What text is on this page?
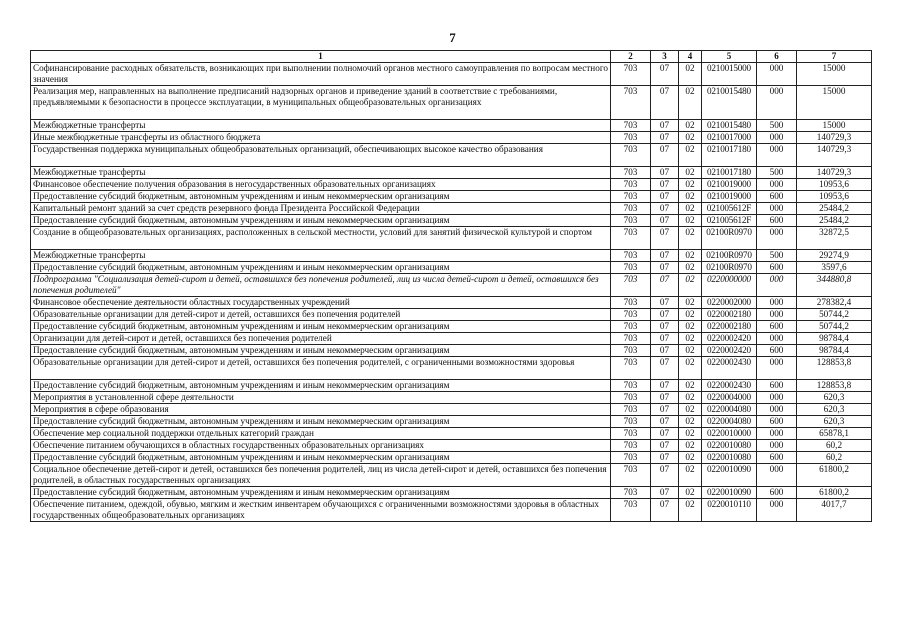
7
1	2	3	4	5	6	7
Софинансирование расходных обязательств, возникающих при выполнении полномочий органов местного самоуправления по вопросам местного значения	703	07	02	0210015000	000	15000
Реализация мер, направленных на выполнение предписаний надзорных органов и приведение зданий в соответствие с требованиями, предъявляемыми к безопасности в процессе эксплуатации, в муниципальных общеобразовательных организациях	703	07	02	0210015480	000	15000
Межбюджетные трансферты	703	07	02	0210015480	500	15000
Иные межбюджетные трансферты из областного бюджета	703	07	02	0210017000	000	140729,3
Государственная поддержка муниципальных общеобразовательных организаций, обеспечивающих высокое качество образования	703	07	02	0210017180	000	140729,3
Межбюджетные трансферты	703	07	02	0210017180	500	140729,3
Финансовое обеспечение получения образования в негосударственных образовательных организациях	703	07	02	0210019000	000	10953,6
Предоставление субсидий бюджетным, автономным учреждениям и иным некоммерческим организациям	703	07	02	0210019000	600	10953,6
Капитальный ремонт зданий за счет средств резервного фонда Президента Российской Федерации	703	07	02	021005612F	000	25484,2
Предоставление субсидий бюджетным, автономным учреждениям и иным некоммерческим организациям	703	07	02	021005612F	600	25484,2
Создание в общеобразовательных организациях, расположенных в сельской местности, условий для занятий физической культурой и спортом	703	07	02	02100R0970	000	32872,5
Межбюджетные трансферты	703	07	02	02100R0970	500	29274,9
Предоставление субсидий бюджетным, автономным учреждениям и иным некоммерческим организациям	703	07	02	02100R0970	600	3597,6
Подпрограмма "Социализация детей-сирот и детей, оставшихся без попечения родителей, лиц из числа детей-сирот и детей, оставшихся без попечения родителей"	703	07	02	0220000000	000	344880,8
Финансовое обеспечение деятельности областных государственных учреждений	703	07	02	0220002000	000	278382,4
Образовательные организации для детей-сирот и детей, оставшихся без попечения родителей	703	07	02	0220002180	000	50744,2
Предоставление субсидий бюджетным, автономным учреждениям и иным некоммерческим организациям	703	07	02	0220002180	600	50744,2
Организации для детей-сирот и детей, оставшихся без попечения родителей	703	07	02	0220002420	000	98784,4
Предоставление субсидий бюджетным, автономным учреждениям и иным некоммерческим организациям	703	07	02	0220002420	600	98784,4
Образовательные организации для детей-сирот и детей, оставшихся без попечения родителей, с ограниченными возможностями здоровья	703	07	02	0220002430	000	128853,8
Предоставление субсидий бюджетным, автономным учреждениям и иным некоммерческим организациям	703	07	02	0220002430	600	128853,8
Мероприятия в установленной сфере деятельности	703	07	02	0220004000	000	620,3
Мероприятия в сфере образования	703	07	02	0220004080	000	620,3
Предоставление субсидий бюджетным, автономным учреждениям и иным некоммерческим организациям	703	07	02	0220004080	600	620,3
Обеспечение мер социальной поддержки отдельных категорий граждан	703	07	02	0220010000	000	65878,1
Обеспечение питанием обучающихся в областных государственных образовательных организациях	703	07	02	0220010080	000	60,2
Предоставление субсидий бюджетным, автономным учреждениям и иным некоммерческим организациям	703	07	02	0220010080	600	60,2
Социальное обеспечение детей-сирот и детей, оставшихся без попечения родителей, лиц из числа детей-сирот и детей, оставшихся без попечения родителей, в областных государственных организациях	703	07	02	0220010090	000	61800,2
Предоставление субсидий бюджетным, автономным учреждениям и иным некоммерческим организациям	703	07	02	0220010090	600	61800,2
Обеспечение питанием, одеждой, обувью, мягким и жестким инвентарем обучающихся с ограниченными возможностями здоровья в областных государственных общеобразовательных организациях	703	07	02	0220010110	000	4017,7
